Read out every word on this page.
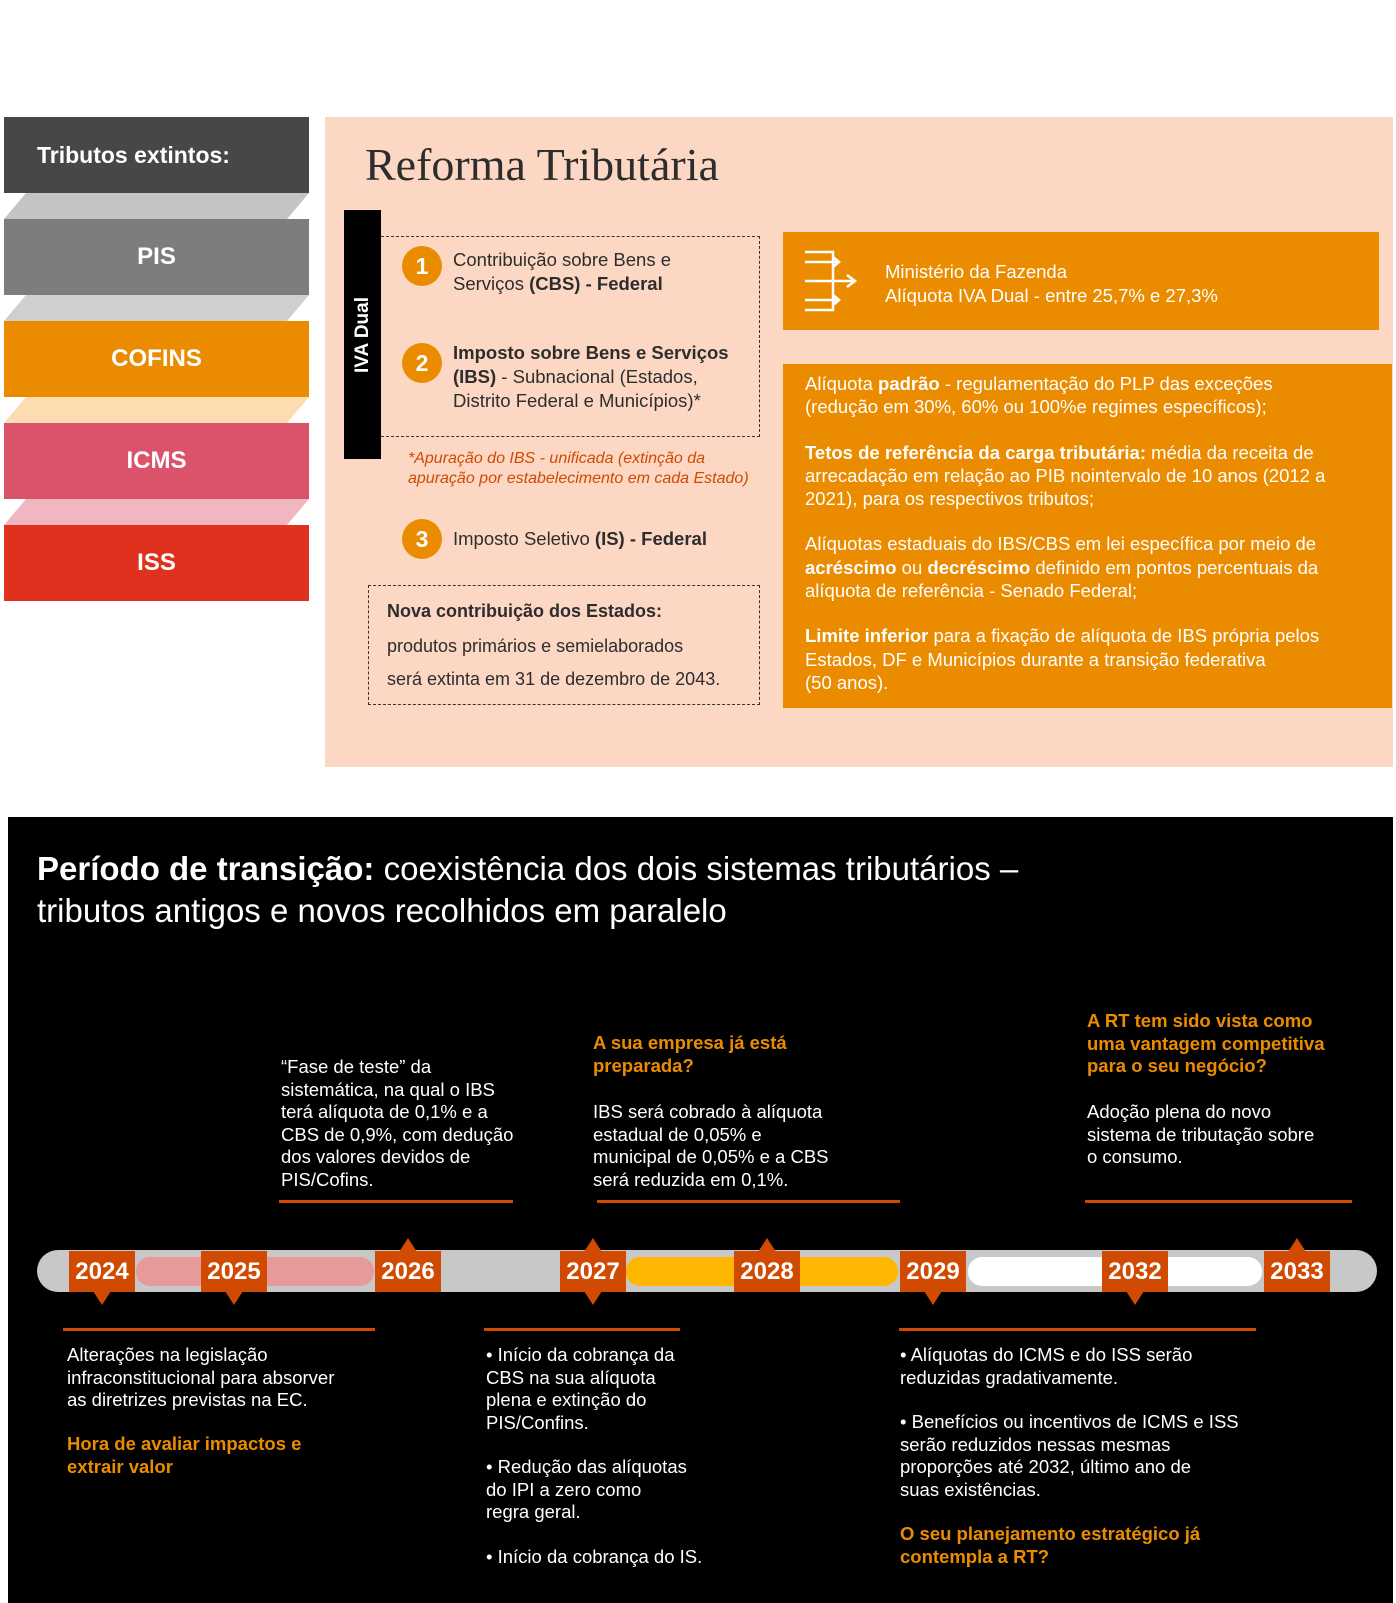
Tributos extintos:
PIS
COFINS
ICMS
ISS
Reforma Tributária
IVA Dual
1	Contribuição sobre Bens e
Serviços (CBS) - Federal
2	Imposto sobre Bens e Serviços
(IBS) - Subnacional (Estados,
Distrito Federal e Municípios)*
*Apuração do IBS - unificada (extinção da
apuração por estabelecimento em cada Estado)
3	Imposto Seletivo (IS) - Federal
Nova contribuição dos Estados:
produtos primários e semielaborados
será extinta em 31 de dezembro de 2043.
Ministério da Fazenda
Alíquota IVA Dual - entre 25,7% e 27,3%
Alíquota padrão - regulamentação do PLP das exceções
(redução em 30%, 60% ou 100%e regimes específicos);
Tetos de referência da carga tributária: média da receita de
arrecadação em relação ao PIB nointervalo de 10 anos (2012 a
2021), para os respectivos tributos;
Alíquotas estaduais do IBS/CBS em lei específica por meio de
acréscimo ou decréscimo definido em pontos percentuais da
alíquota de referência - Senado Federal;
Limite inferior para a fixação de alíquota de IBS própria pelos
Estados, DF e Municípios durante a transição federativa
(50 anos).
Período de transição: coexistência dos dois sistemas tributários –
tributos antigos e novos recolhidos em paralelo
“Fase de teste” da
sistemática, na qual o IBS
terá alíquota de 0,1% e a
CBS de 0,9%, com dedução
dos valores devidos de
PIS/Cofins.
A sua empresa já está
preparada?
IBS será cobrado à alíquota
estadual de 0,05% e
municipal de 0,05% e a CBS
será reduzida em 0,1%.
A RT tem sido vista como
uma vantagem competitiva
para o seu negócio?
Adoção plena do novo
sistema de tributação sobre
o consumo.
2024	2025	2026	2027	2028	2029	2032	2033
Alterações na legislação
infraconstitucional para absorver
as diretrizes previstas na EC.
Hora de avaliar impactos e
extrair valor
• Início da cobrança da
CBS na sua alíquota
plena e extinção do
PIS/Confins.
• Redução das alíquotas
do IPI a zero como
regra geral.
• Início da cobrança do IS.
• Alíquotas do ICMS e do ISS serão
reduzidas gradativamente.
• Benefícios ou incentivos de ICMS e ISS
serão reduzidos nessas mesmas
proporções até 2032, último ano de
suas existências.
O seu planejamento estratégico já
contempla a RT?
